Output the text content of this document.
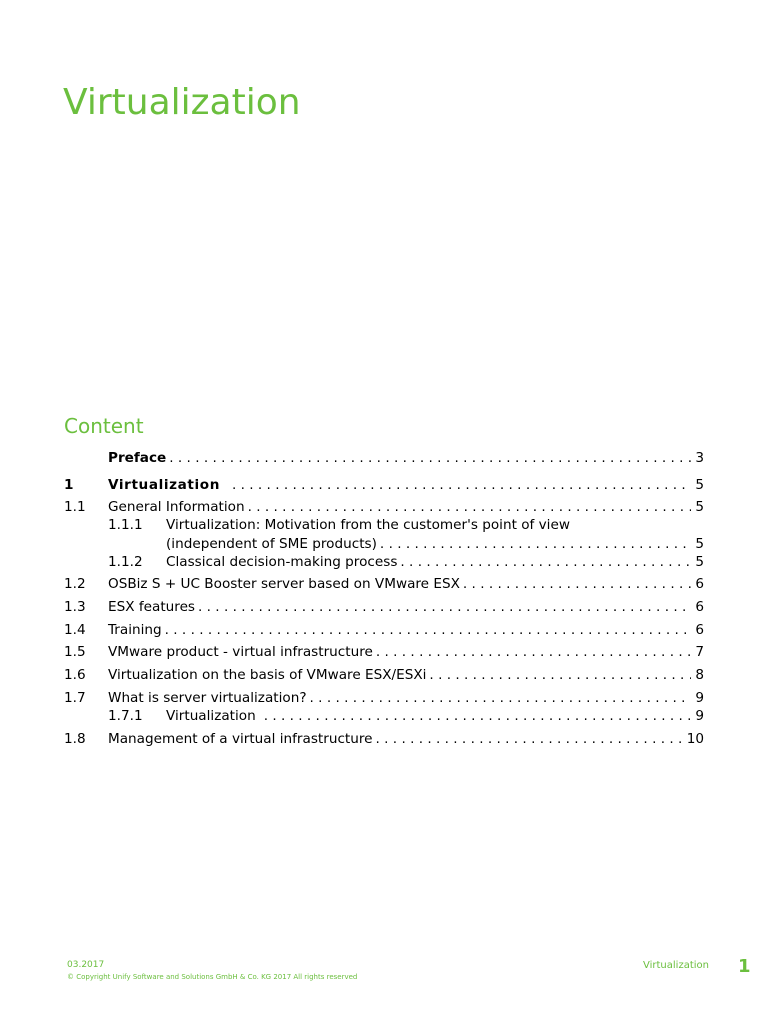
Virtualization
Content
Preface . . .	3
1	Virtualization . . .	5
1.1 General Information . . .	5
1.1.1 Virtualization: Motivation from the customer's point of view
(independent of SME products) . . .	5
1.1.2 Classical decision-making process . . .	5
1.2 OSBiz S + UC Booster server based on VMware ESX . . .	6
1.3 ESX features . . .	6
1.4 Training . . .	6
1.5 VMware product - virtual infrastructure . . .	7
1.6 Virtualization on the basis of VMware ESX/ESXi . . .	8
1.7 What is server virtualization? . . .	9
1.7.1 Virtualization . . .	9
1.8 Management of a virtual infrastructure . . .	10
03.2017
© Copyright Unify Software and Solutions GmbH & Co. KG 2017 All rights reserved
Virtualization 1
